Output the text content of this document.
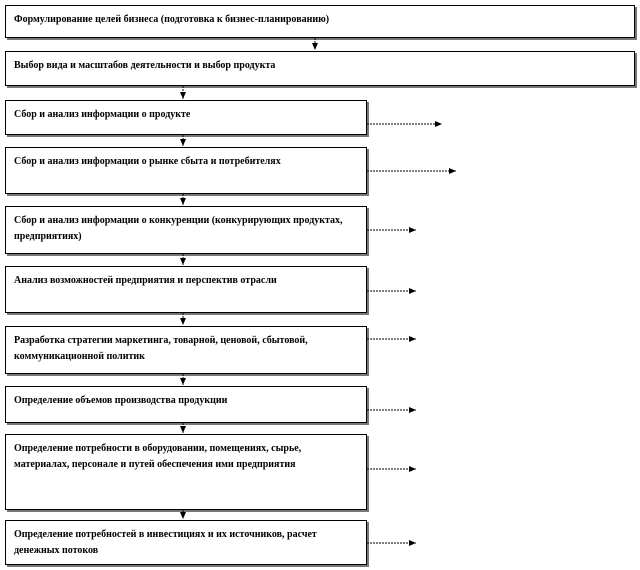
Формулирование целей бизнеса (подготовка к бизнес-планированию)
Выбор вида и масштабов деятельности и выбор продукта
Сбор и анализ информации о продукте
Сбор и анализ информации о рынке сбыта и потребителях
Сбор и анализ информации о конкуренции (конкурирующих продуктах, предприятиях)
Анализ возможностей предприятия и перспектив отрасли
Разработка стратегии маркетинга, товарной, ценовой, сбытовой, коммуникационной политик
Определение объемов производства продукции
Определение потребности в оборудовании, помещениях, сырье, материалах, персонале и путей обеспечения ими предприятия
Определение потребностей в инвестициях и их источников, расчет денежных потоков
